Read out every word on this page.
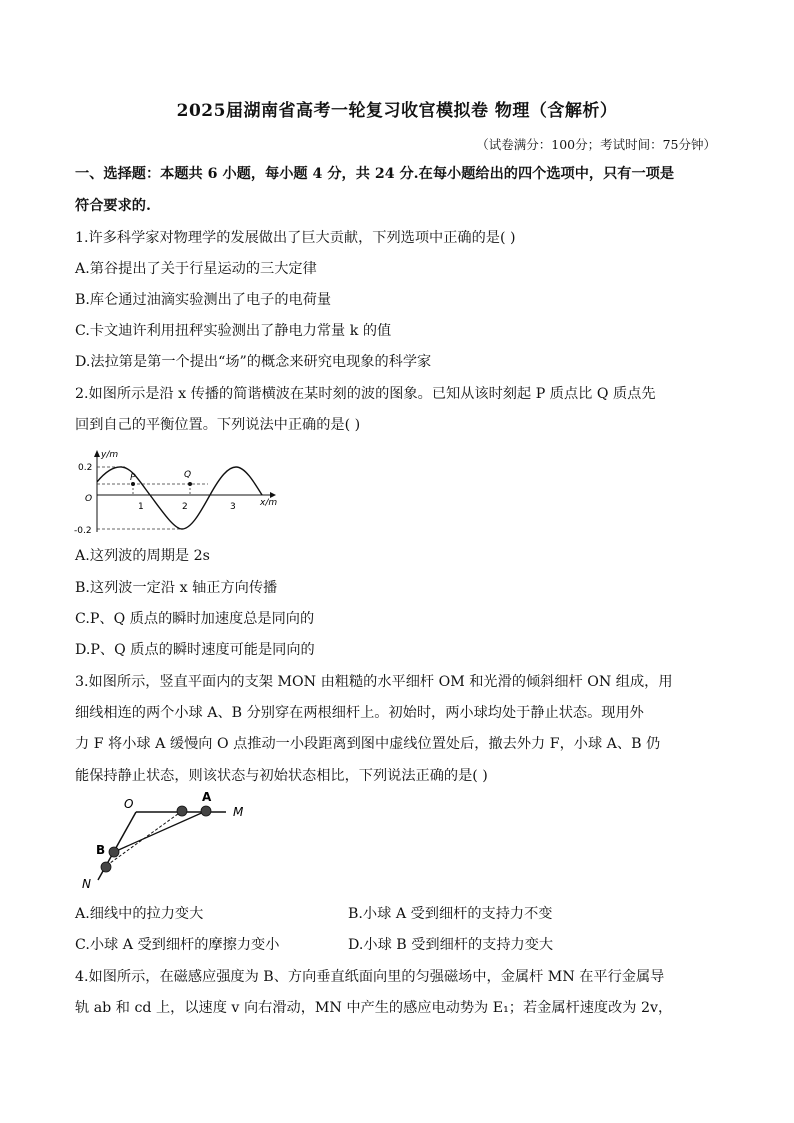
2025届湖南省高考一轮复习收官模拟卷 物理（含解析）
（试卷满分：100分；考试时间：75分钟）
一、选择题：本题共 6 小题，每小题 4 分，共 24 分.在每小题给出的四个选项中，只有一项是
符合要求的.
1.许多科学家对物理学的发展做出了巨大贡献，下列选项中正确的是( )
A.第谷提出了关于行星运动的三大定律
B.库仑通过油滴实验测出了电子的电荷量
C.卡文迪许利用扭秤实验测出了静电力常量 k 的值
D.法拉第是第一个提出“场”的概念来研究电现象的科学家
2.如图所示是沿 x 传播的简谐横波在某时刻的波的图象。已知从该时刻起 P 质点比 Q 质点先
回到自己的平衡位置。下列说法中正确的是( )
y/m
x/m
O
0.2
-0.2
1	2	3
P	Q
A.这列波的周期是 2s
B.这列波一定沿 x 轴正方向传播
C.P、Q 质点的瞬时加速度总是同向的
D.P、Q 质点的瞬时速度可能是同向的
3.如图所示，竖直平面内的支架 MON 由粗糙的水平细杆 OM 和光滑的倾斜细杆 ON 组成，用
细线相连的两个小球 A、B 分别穿在两根细杆上。初始时，两小球均处于静止状态。现用外
力 F 将小球 A 缓慢向 O 点推动一小段距离到图中虚线位置处后，撤去外力 F，小球 A、B 仍
能保持静止状态，则该状态与初始状态相比，下列说法正确的是( )
O	A
M
B
N
A.细线中的拉力变大	B.小球 A 受到细杆的支持力不变
C.小球 A 受到细杆的摩擦力变小	D.小球 B 受到细杆的支持力变大
4.如图所示，在磁感应强度为 B、方向垂直纸面向里的匀强磁场中，金属杆 MN 在平行金属导
轨 ab 和 cd 上，以速度 v 向右滑动，MN 中产生的感应电动势为 E₁；若金属杆速度改为 2v，
